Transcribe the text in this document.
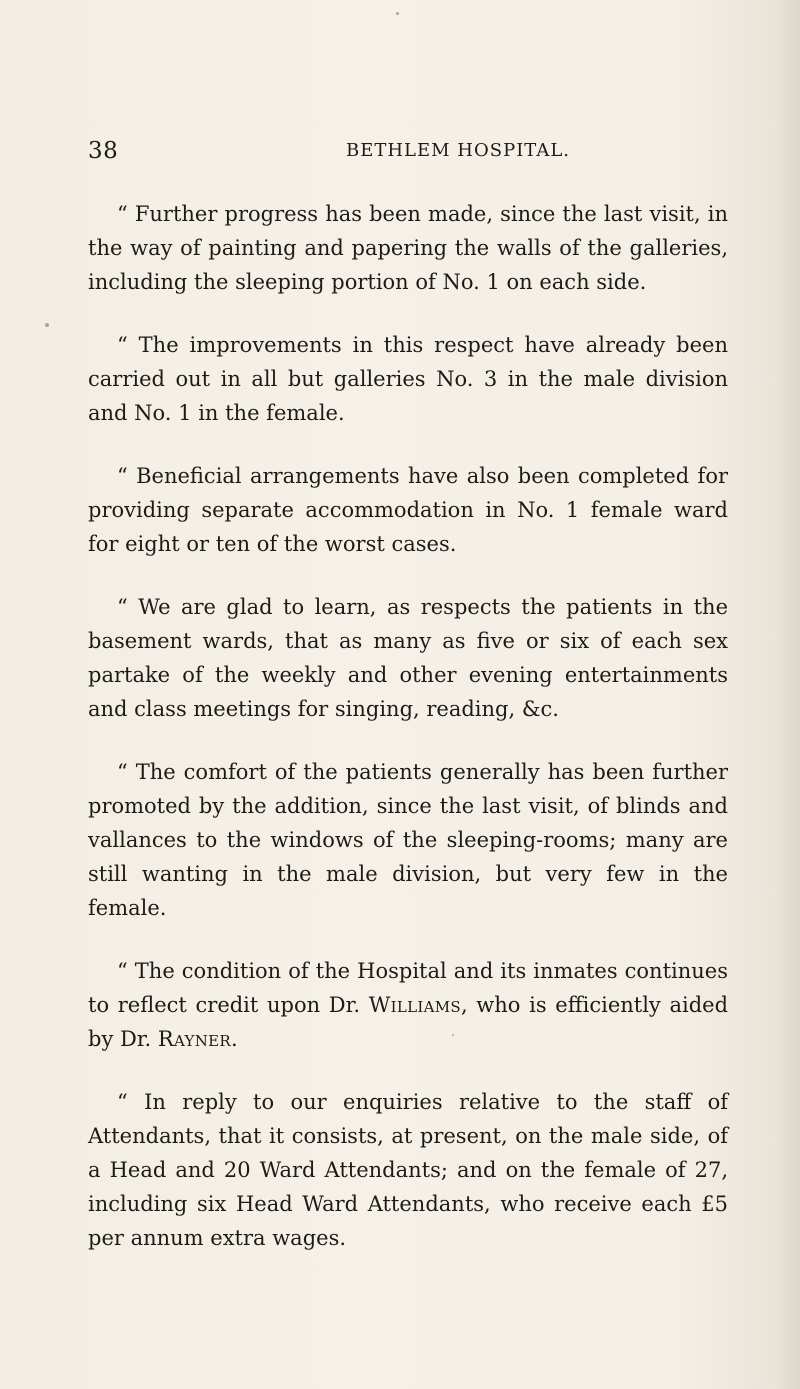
38	BETHLEM HOSPITAL.

“ Further progress has been made, since the last visit, in the way of painting and papering the walls of the galleries, including the sleeping portion of No. 1 on each side.

“ The improvements in this respect have already been carried out in all but galleries No. 3 in the male division and No. 1 in the female.

“ Beneficial arrangements have also been completed for providing separate accommodation in No. 1 female ward for eight or ten of the worst cases.

“ We are glad to learn, as respects the patients in the basement wards, that as many as five or six of each sex partake of the weekly and other evening entertainments and class meetings for singing, reading, &c.

“ The comfort of the patients generally has been further promoted by the addition, since the last visit, of blinds and vallances to the windows of the sleeping-rooms; many are still wanting in the male division, but very few in the female.

“ The condition of the Hospital and its inmates continues to reflect credit upon Dr. Williams, who is efficiently aided by Dr. Rayner.

“ In reply to our enquiries relative to the staff of Attendants, that it consists, at present, on the male side, of a Head and 20 Ward Attendants; and on the female of 27, including six Head Ward Attendants, who receive each £5 per annum extra wages.
